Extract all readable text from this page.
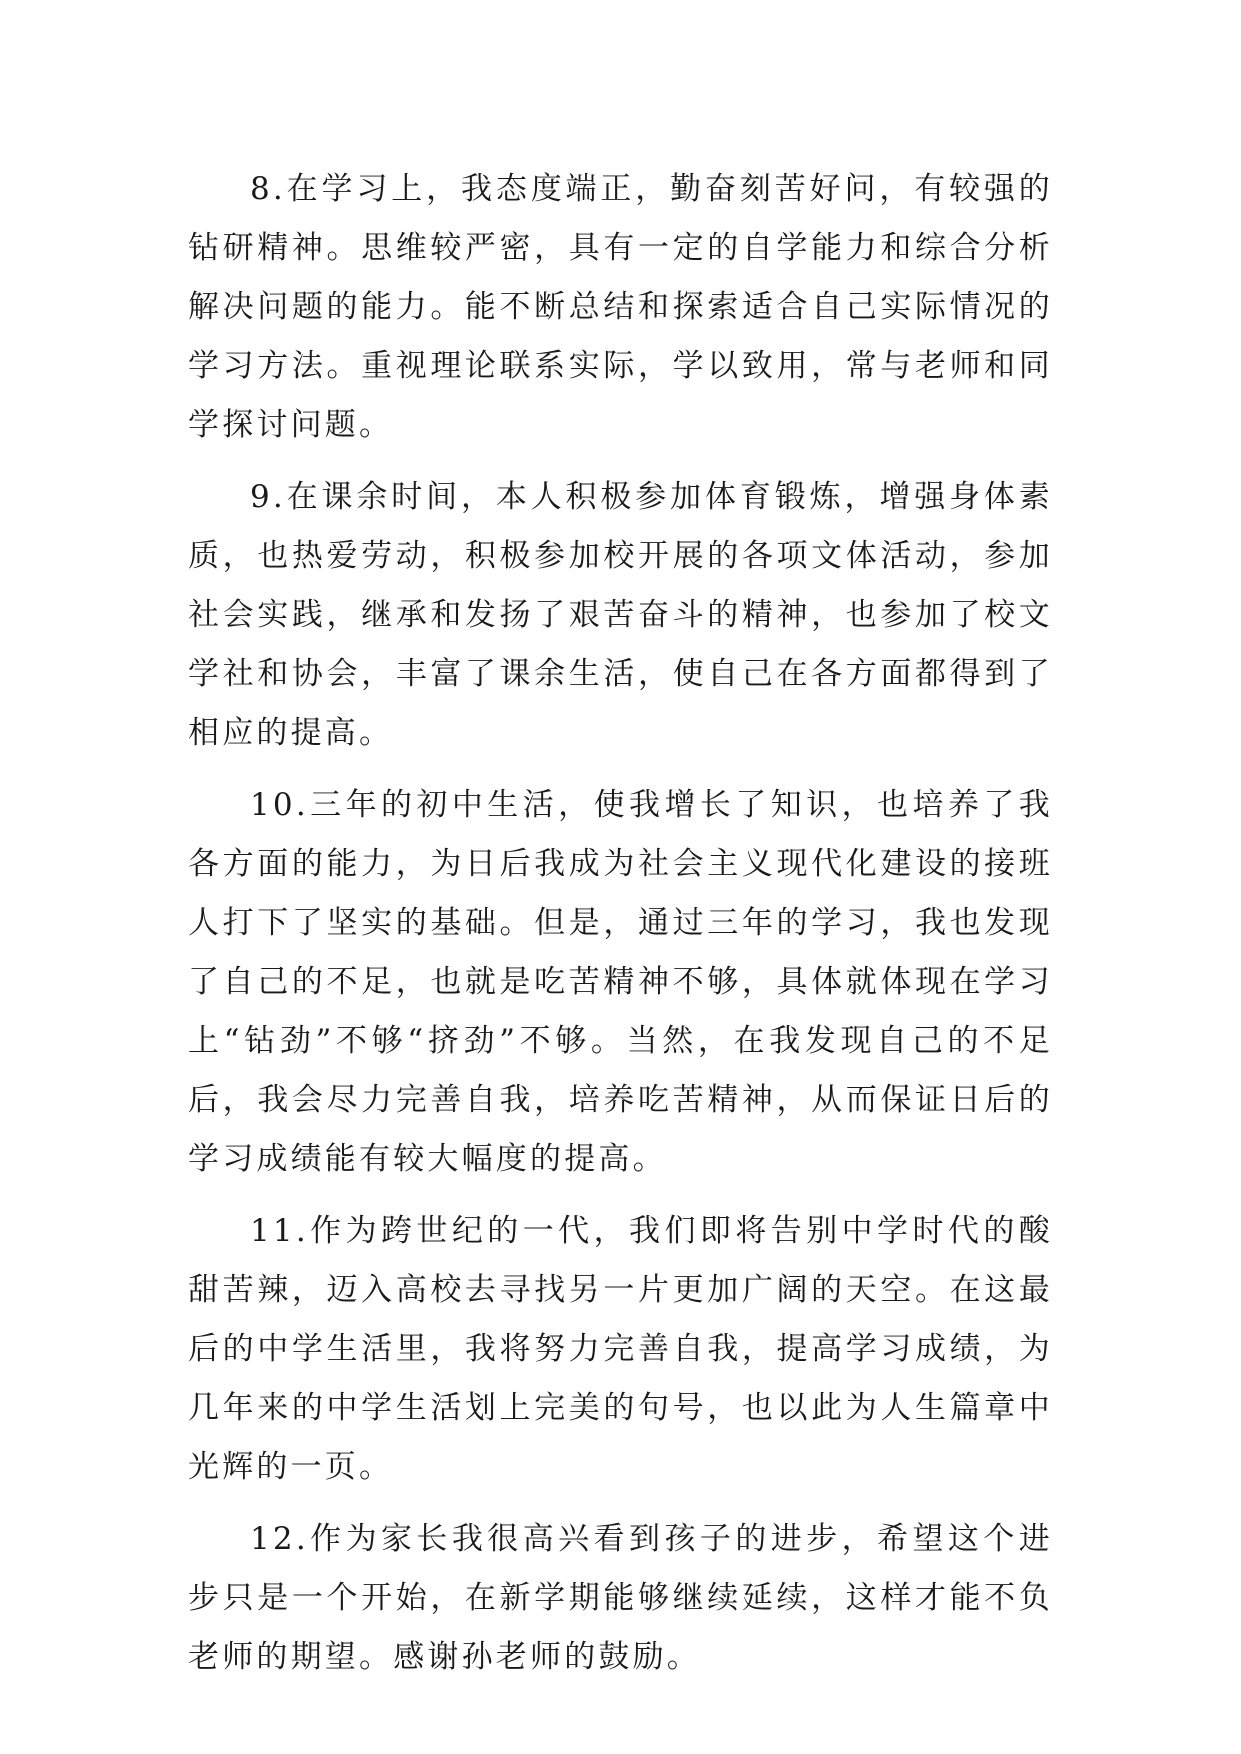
8.在学习上，我态度端正，勤奋刻苦好问，有较强的钻研精神。思维较严密，具有一定的自学能力和综合分析解决问题的能力。能不断总结和探索适合自己实际情况的学习方法。重视理论联系实际，学以致用，常与老师和同学探讨问题。

9.在课余时间，本人积极参加体育锻炼，增强身体素质，也热爱劳动，积极参加校开展的各项文体活动，参加社会实践，继承和发扬了艰苦奋斗的精神，也参加了校文学社和协会，丰富了课余生活，使自己在各方面都得到了相应的提高。

10.三年的初中生活，使我增长了知识，也培养了我各方面的能力，为日后我成为社会主义现代化建设的接班人打下了坚实的基础。但是，通过三年的学习，我也发现了自己的不足，也就是吃苦精神不够，具体就体现在学习上“钻劲”不够“挤劲”不够。当然，在我发现自己的不足后，我会尽力完善自我，培养吃苦精神，从而保证日后的学习成绩能有较大幅度的提高。

11.作为跨世纪的一代，我们即将告别中学时代的酸甜苦辣，迈入高校去寻找另一片更加广阔的天空。在这最后的中学生活里，我将努力完善自我，提高学习成绩，为几年来的中学生活划上完美的句号，也以此为人生篇章中光辉的一页。

12.作为家长我很高兴看到孩子的进步，希望这个进步只是一个开始，在新学期能够继续延续，这样才能不负老师的期望。感谢孙老师的鼓励。
